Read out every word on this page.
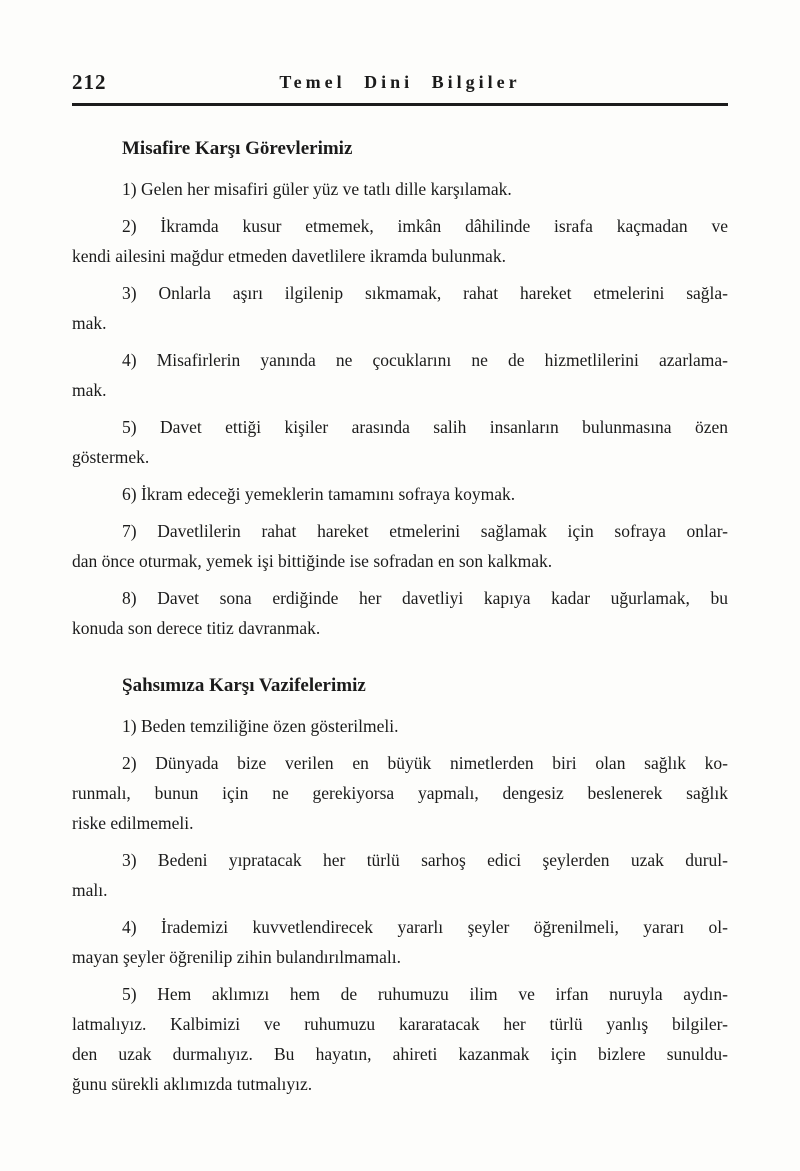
212	Temel Dini Bilgiler
Misafire Karşı Görevlerimiz
1) Gelen her misafiri güler yüz ve tatlı dille karşılamak.
2) İkramda kusur etmemek, imkân dâhilinde israfa kaçmadan ve
kendi ailesini mağdur etmeden davetlilere ikramda bulunmak.
3) Onlarla aşırı ilgilenip sıkmamak, rahat hareket etmelerini sağla-
mak.
4) Misafirlerin yanında ne çocuklarını ne de hizmetlilerini azarlama-
mak.
5) Davet ettiği kişiler arasında salih insanların bulunmasına özen
göstermek.
6) İkram edeceği yemeklerin tamamını sofraya koymak.
7) Davetlilerin rahat hareket etmelerini sağlamak için sofraya onlar-
dan önce oturmak, yemek işi bittiğinde ise sofradan en son kalkmak.
8) Davet sona erdiğinde her davetliyi kapıya kadar uğurlamak, bu
konuda son derece titiz davranmak.
Şahsımıza Karşı Vazifelerimiz
1) Beden temziliğine özen gösterilmeli.
2) Dünyada bize verilen en büyük nimetlerden biri olan sağlık ko-
runmalı, bunun için ne gerekiyorsa yapmalı, dengesiz beslenerek sağlık
riske edilmemeli.
3) Bedeni yıpratacak her türlü sarhoş edici şeylerden uzak durul-
malı.
4) İrademizi kuvvetlendirecek yararlı şeyler öğrenilmeli, yararı ol-
mayan şeyler öğrenilip zihin bulandırılmamalı.
5) Hem aklımızı hem de ruhumuzu ilim ve irfan nuruyla aydın-
latmalıyız. Kalbimizi ve ruhumuzu kararatacak her türlü yanlış bilgiler-
den uzak durmalıyız. Bu hayatın, ahireti kazanmak için bizlere sunuldu-
ğunu sürekli aklımızda tutmalıyız.
